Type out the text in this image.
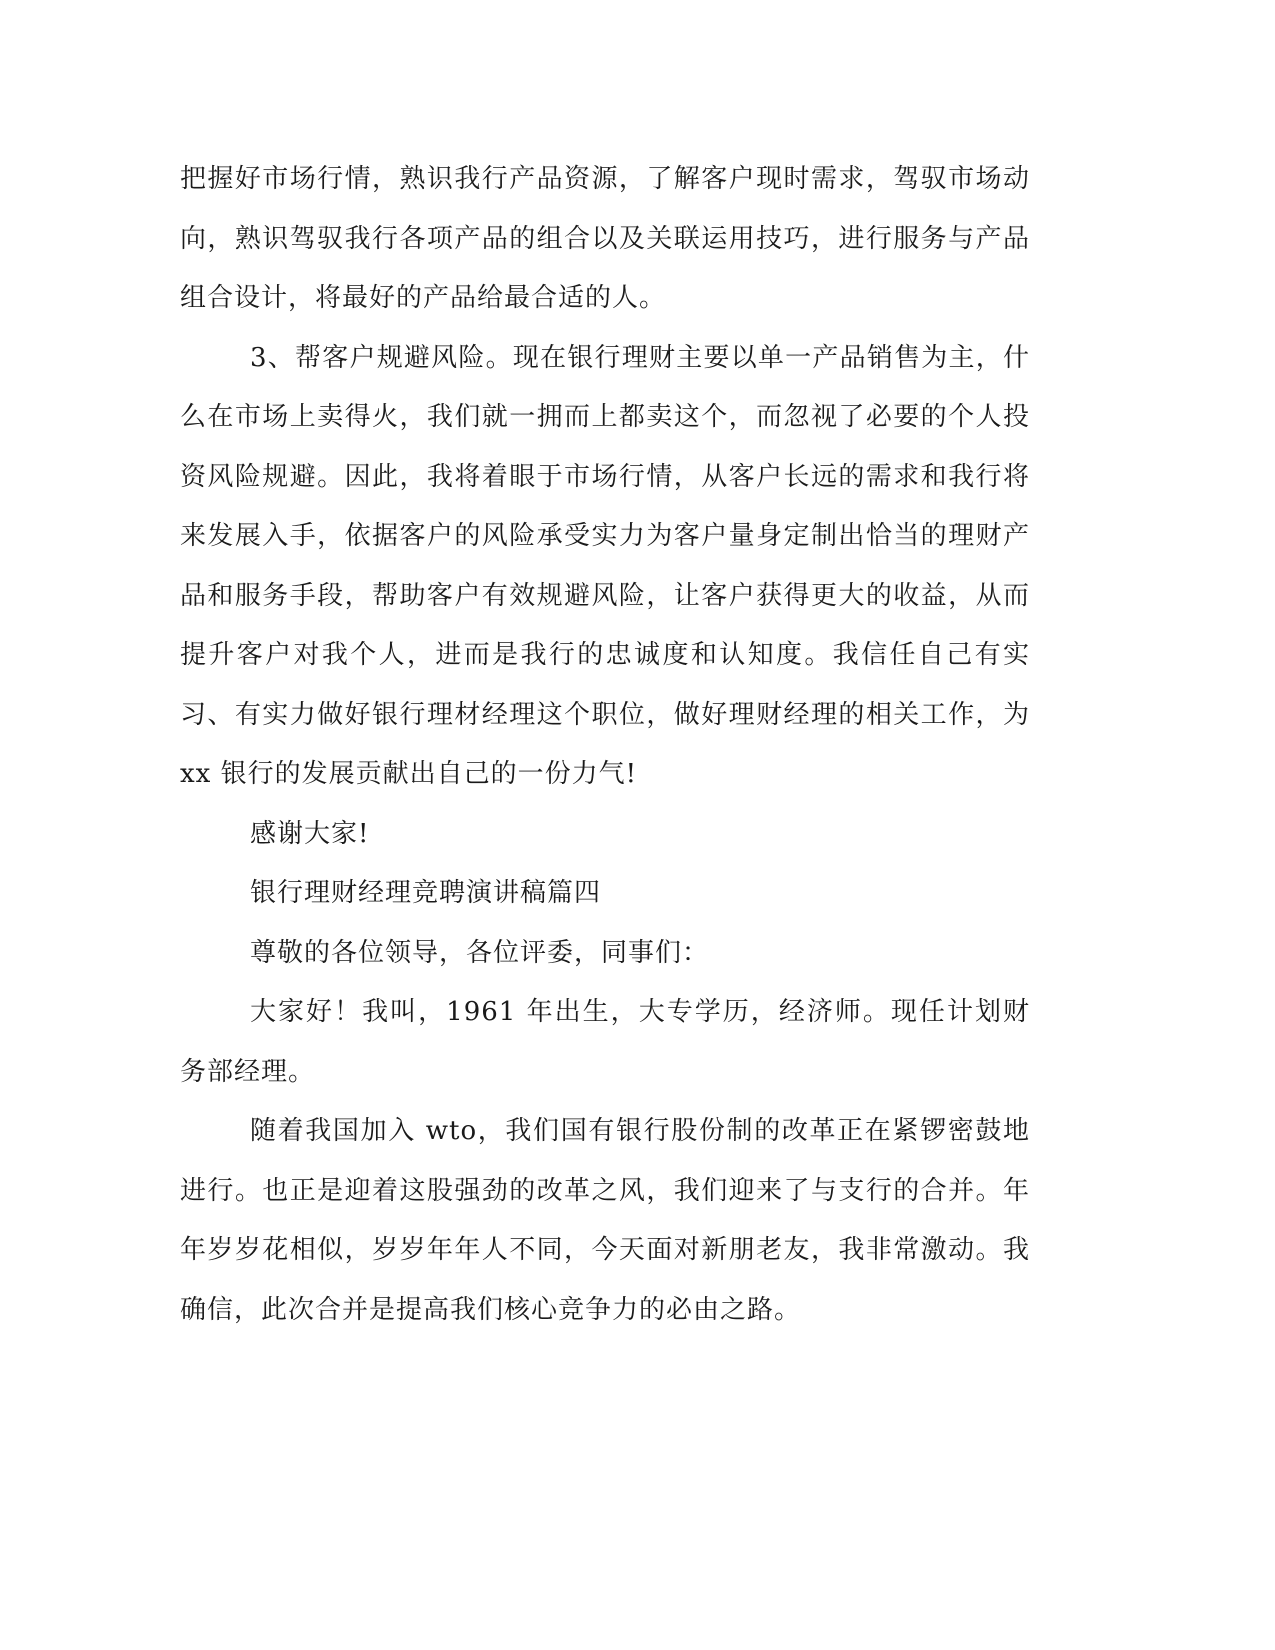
把握好市场行情，熟识我行产品资源，了解客户现时需求，驾驭市场动向，熟识驾驭我行各项产品的组合以及关联运用技巧，进行服务与产品组合设计，将最好的产品给最合适的人。

3、帮客户规避风险。现在银行理财主要以单一产品销售为主，什么在市场上卖得火，我们就一拥而上都卖这个，而忽视了必要的个人投资风险规避。因此，我将着眼于市场行情，从客户长远的需求和我行将来发展入手，依据客户的风险承受实力为客户量身定制出恰当的理财产品和服务手段，帮助客户有效规避风险，让客户获得更大的收益，从而提升客户对我个人，进而是我行的忠诚度和认知度。我信任自己有实习、有实力做好银行理材经理这个职位，做好理财经理的相关工作，为 xx 银行的发展贡献出自己的一份力气!

感谢大家!

银行理财经理竞聘演讲稿篇四

尊敬的各位领导，各位评委，同事们：

大家好！我叫，1961 年出生，大专学历，经济师。现任计划财务部经理。

随着我国加入 wto，我们国有银行股份制的改革正在紧锣密鼓地进行。也正是迎着这股强劲的改革之风，我们迎来了与支行的合并。年年岁岁花相似，岁岁年年人不同，今天面对新朋老友，我非常激动。我确信，此次合并是提高我们核心竞争力的必由之路。
